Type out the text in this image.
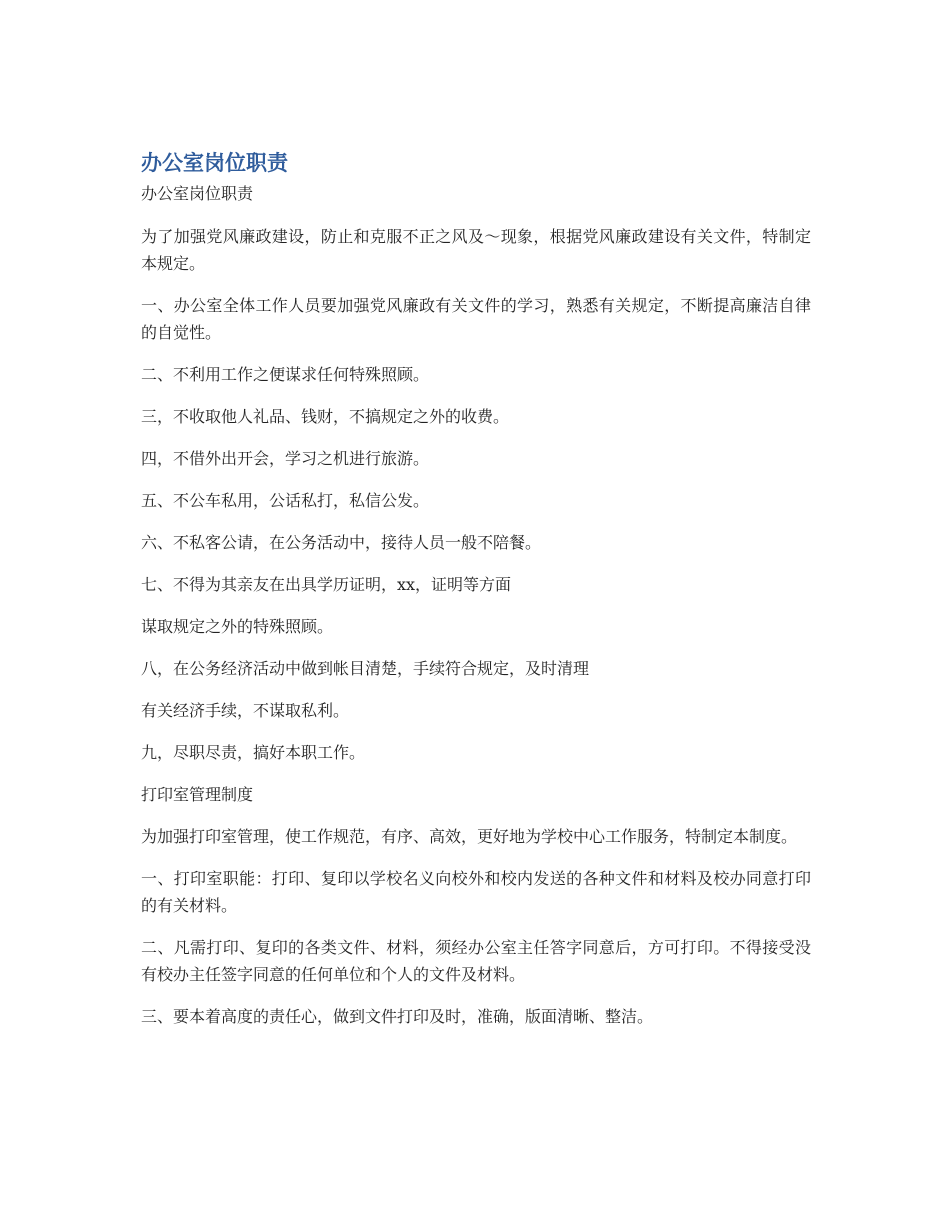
办公室岗位职责

办公室岗位职责

为了加强党风廉政建设，防止和克服不正之风及～现象，根据党风廉政建设有关文件，特制定本规定。

一、办公室全体工作人员要加强党风廉政有关文件的学习，熟悉有关规定，不断提高廉洁自律的自觉性。

二、不利用工作之便谋求任何特殊照顾。

三，不收取他人礼品、钱财，不搞规定之外的收费。

四，不借外出开会，学习之机进行旅游。

五、不公车私用，公话私打，私信公发。

六、不私客公请，在公务活动中，接待人员一般不陪餐。

七、不得为其亲友在出具学历证明，xx，证明等方面

谋取规定之外的特殊照顾。

八，在公务经济活动中做到帐目清楚，手续符合规定，及时清理

有关经济手续，不谋取私利。

九，尽职尽责，搞好本职工作。

打印室管理制度

为加强打印室管理，使工作规范，有序、高效，更好地为学校中心工作服务，特制定本制度。

一、打印室职能：打印、复印以学校名义向校外和校内发送的各种文件和材料及校办同意打印的有关材料。

二、凡需打印、复印的各类文件、材料，须经办公室主任答字同意后，方可打印。不得接受没有校办主任签字同意的任何单位和个人的文件及材料。

三、要本着高度的责任心，做到文件打印及时，准确，版面清晰、整洁。
